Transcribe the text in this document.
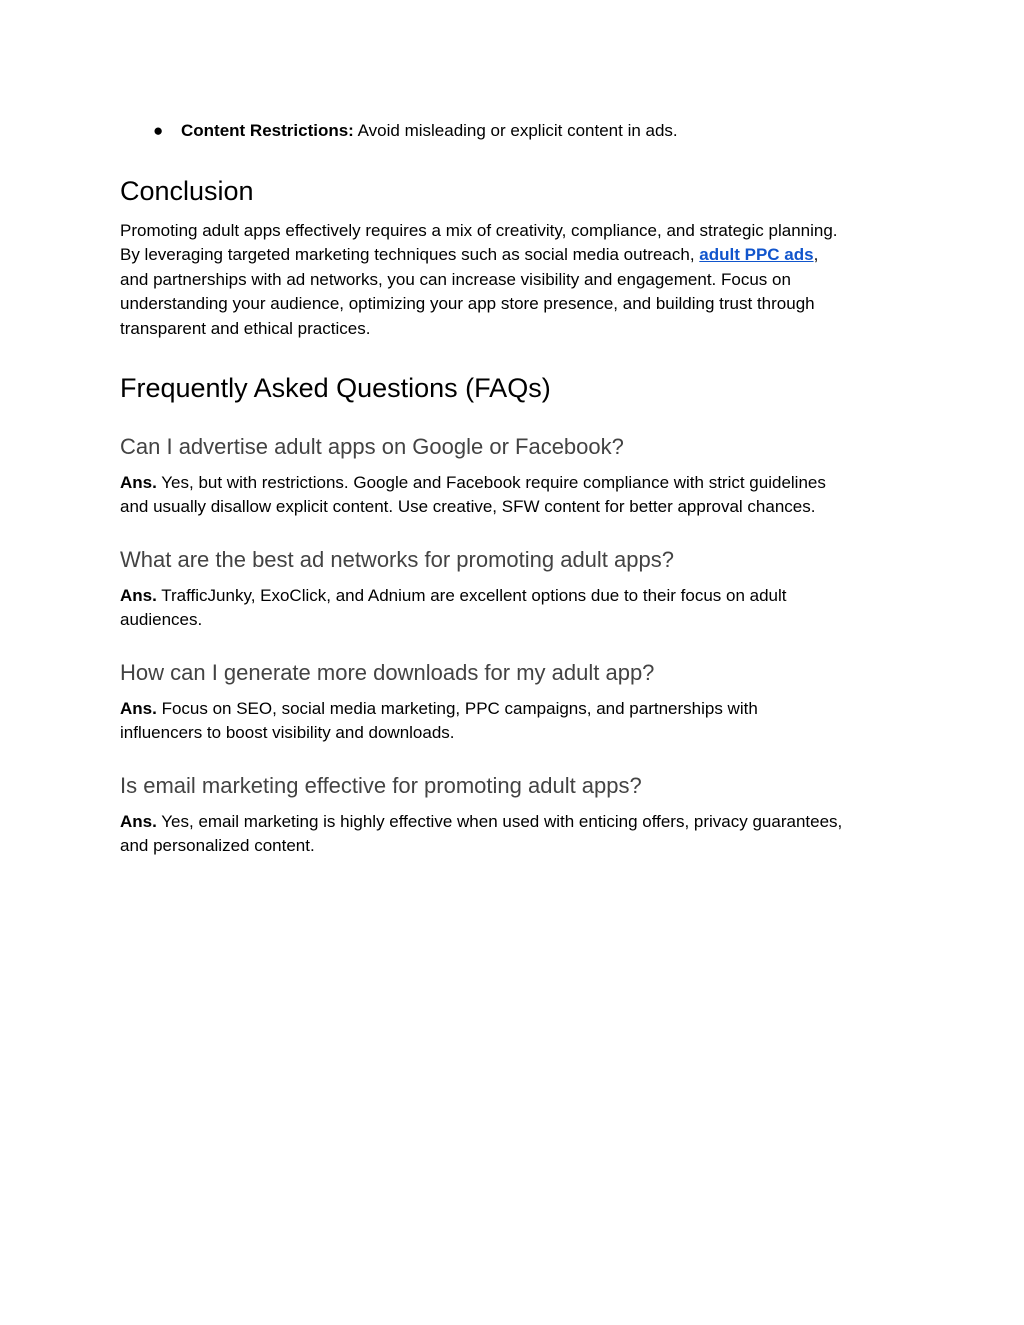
● Content Restrictions: Avoid misleading or explicit content in ads.
Conclusion

Promoting adult apps effectively requires a mix of creativity, compliance, and strategic planning.
By leveraging targeted marketing techniques such as social media outreach, adult PPC ads,
and partnerships with ad networks, you can increase visibility and engagement. Focus on
understanding your audience, optimizing your app store presence, and building trust through
transparent and ethical practices.

Frequently Asked Questions (FAQs)
Can I advertise adult apps on Google or Facebook?

Ans. Yes, but with restrictions. Google and Facebook require compliance with strict guidelines
and usually disallow explicit content. Use creative, SFW content for better approval chances.

What are the best ad networks for promoting adult apps?

Ans. TrafficJunky, ExoClick, and Adnium are excellent options due to their focus on adult
audiences.

How can I generate more downloads for my adult app?

Ans. Focus on SEO, social media marketing, PPC campaigns, and partnerships with
influencers to boost visibility and downloads.

Is email marketing effective for promoting adult apps?

Ans. Yes, email marketing is highly effective when used with enticing offers, privacy guarantees,
and personalized content.
